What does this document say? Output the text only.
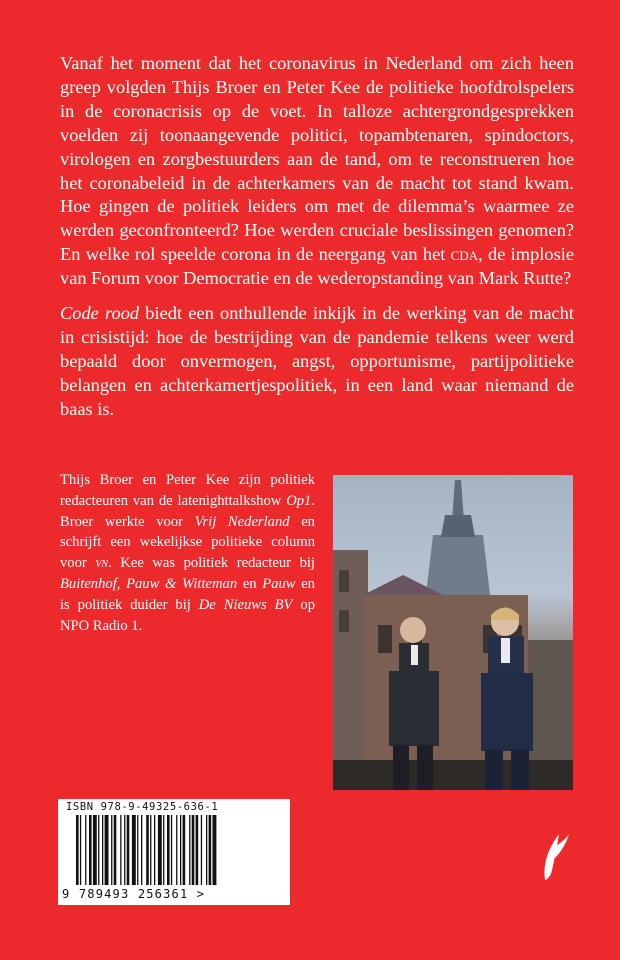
Vanaf het moment dat het coronavirus in Nederland om zich heen greep volgden Thijs Broer en Peter Kee de politieke hoofdrolspelers in de coronacrisis op de voet. In talloze achtergrondgesprekken voelden zij toonaangevende politici, topambtenaren, spindoctors, virologen en zorgbestuurders aan de tand, om te reconstrueren hoe het coronabeleid in de achterkamers van de macht tot stand kwam. Hoe gingen de politiek leiders om met de dilemma’s waarmee ze werden geconfronteerd? Hoe werden cruciale beslissingen genomen? En welke rol speelde corona in de neergang van het cda, de implosie van Forum voor Democratie en de wederopstanding van Mark Rutte?

Code rood biedt een onthullende inkijk in de werking van de macht in crisistijd: hoe de bestrijding van de pandemie telkens weer werd bepaald door onvermogen, angst, opportunisme, partijpolitieke belangen en achterkamertjespolitiek, in een land waar niemand de baas is.

Thijs Broer en Peter Kee zijn politiek redacteuren van de latenighttalkshow Op1. Broer werkte voor Vrij Nederland en schrijft een wekelijkse politieke column voor vn. Kee was politiek redacteur bij Buitenhof, Pauw & Witteman en Pauw en is politiek duider bij De Nieuws BV op NPO Radio 1.
ISBN 978-9-49325-636-1
9 789493 256361 >
